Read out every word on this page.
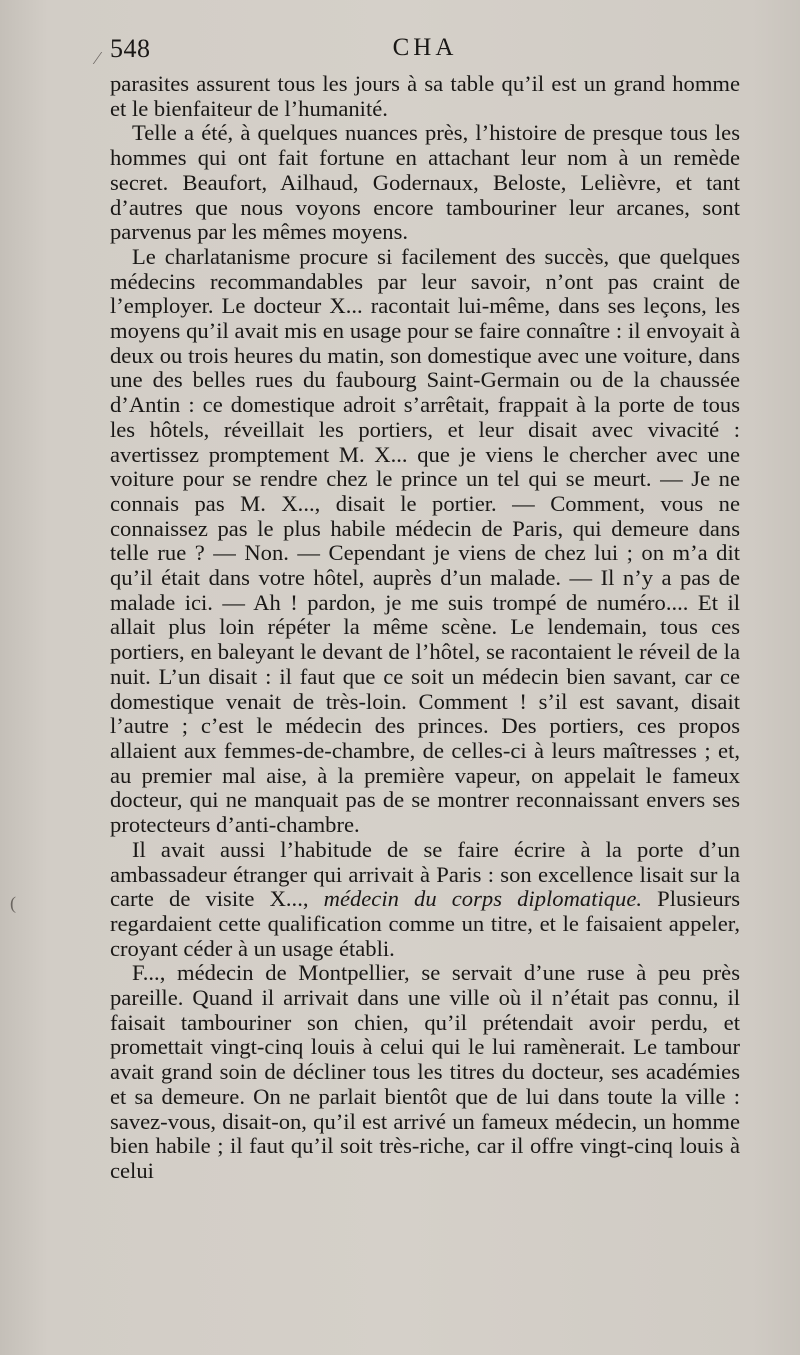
548	CHA

parasites assurent tous les jours à sa table qu’il est un grand homme et le bienfaiteur de l’humanité.

Telle a été, à quelques nuances près, l’histoire de presque tous les hommes qui ont fait fortune en attachant leur nom à un remède secret. Beaufort, Ailhaud, Godernaux, Beloste, Lelièvre, et tant d’autres que nous voyons encore tambouriner leur arcanes, sont parvenus par les mêmes moyens.

Le charlatanisme procure si facilement des succès, que quelques médecins recommandables par leur savoir, n’ont pas craint de l’employer. Le docteur X... racontait lui-même, dans ses leçons, les moyens qu’il avait mis en usage pour se faire connaître : il envoyait à deux ou trois heures du matin, son domestique avec une voiture, dans une des belles rues du faubourg Saint-Germain ou de la chaussée d’Antin : ce domestique adroit s’arrêtait, frappait à la porte de tous les hôtels, réveillait les portiers, et leur disait avec vivacité : avertissez promptement M. X... que je viens le chercher avec une voiture pour se rendre chez le prince un tel qui se meurt. — Je ne connais pas M. X..., disait le portier. — Comment, vous ne connaissez pas le plus habile médecin de Paris, qui demeure dans telle rue ? — Non. — Cependant je viens de chez lui ; on m’a dit qu’il était dans votre hôtel, auprès d’un malade. — Il n’y a pas de malade ici. — Ah ! pardon, je me suis trompé de numéro.... Et il allait plus loin répéter la même scène. Le lendemain, tous ces portiers, en baleyant le devant de l’hôtel, se racontaient le réveil de la nuit. L’un disait : il faut que ce soit un médecin bien savant, car ce domestique venait de très-loin. Comment ! s’il est savant, disait l’autre ; c’est le médecin des princes. Des portiers, ces propos allaient aux femmes-de-chambre, de celles-ci à leurs maîtresses ; et, au premier mal aise, à la première vapeur, on appelait le fameux docteur, qui ne manquait pas de se montrer reconnaissant envers ses protecteurs d’anti-chambre.

Il avait aussi l’habitude de se faire écrire à la porte d’un ambassadeur étranger qui arrivait à Paris : son excellence lisait sur la carte de visite X..., médecin du corps diplomatique. Plusieurs regardaient cette qualification comme un titre, et le faisaient appeler, croyant céder à un usage établi.

F..., médecin de Montpellier, se servait d’une ruse à peu près pareille. Quand il arrivait dans une ville où il n’était pas connu, il faisait tambouriner son chien, qu’il prétendait avoir perdu, et promettait vingt-cinq louis à celui qui le lui ramènerait. Le tambour avait grand soin de décliner tous les titres du docteur, ses académies et sa demeure. On ne parlait bientôt que de lui dans toute la ville : savez-vous, disait-on, qu’il est arrivé un fameux médecin, un homme bien habile ; il faut qu’il soit très-riche, car il offre vingt-cinq louis à celui

⁄
(
